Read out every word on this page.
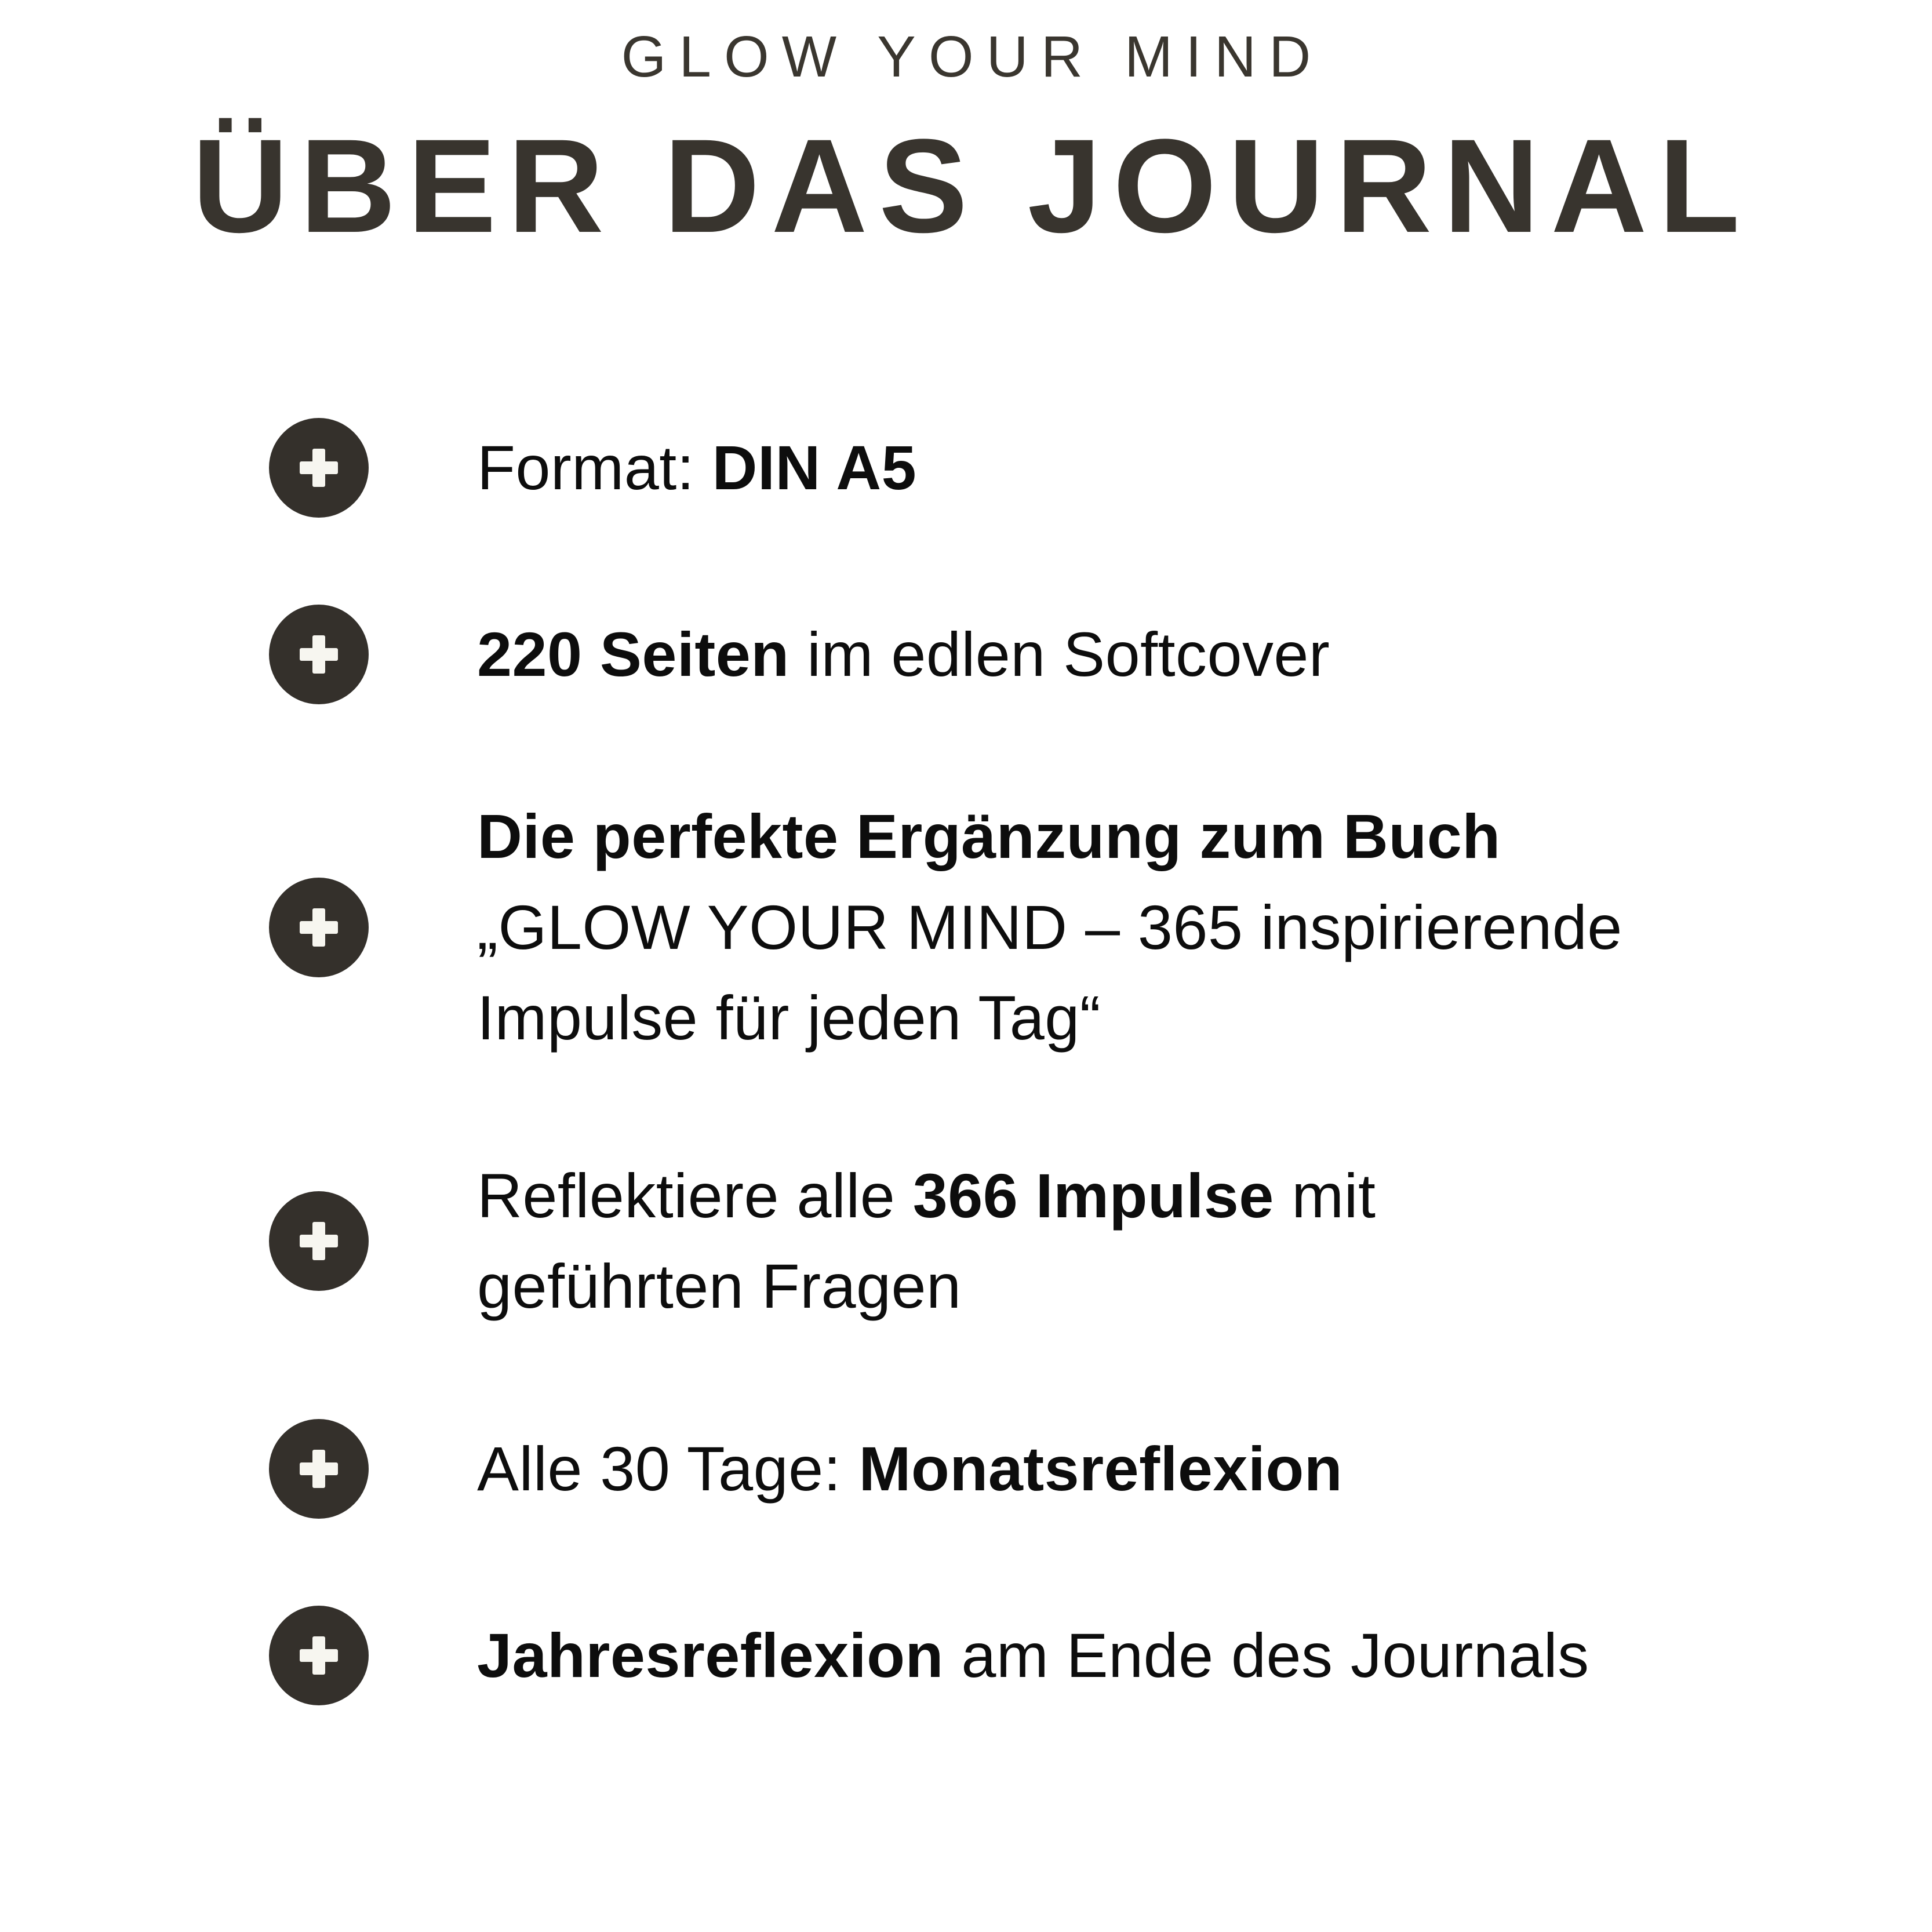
GLOW YOUR MIND
ÜBER DAS JOURNAL

Format: DIN A5

220 Seiten im edlen Softcover

Die perfekte Ergänzung zum Buch
„GLOW YOUR MIND – 365 inspirierende
Impulse für jeden Tag“

Reflektiere alle 366 Impulse mit
geführten Fragen

Alle 30 Tage: Monatsreflexion

Jahresreflexion am Ende des Journals
